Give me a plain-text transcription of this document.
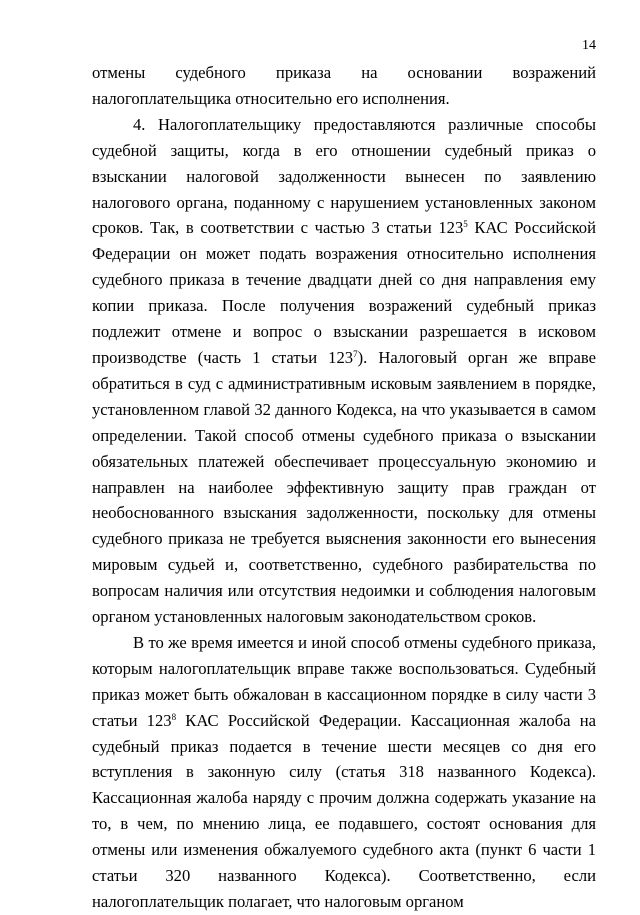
14

отмены судебного приказа на основании возражений налогоплательщика относительно его исполнения.

4. Налогоплательщику предоставляются различные способы судебной защиты, когда в его отношении судебный приказ о взыскании налоговой задолженности вынесен по заявлению налогового органа, поданному с нарушением установленных законом сроков. Так, в соответствии с частью 3 статьи $123^5$ КАС Российской Федерации он может подать возражения относительно исполнения судебного приказа в течение двадцати дней со дня направления ему копии приказа. После получения возражений судебный приказ подлежит отмене и вопрос о взыскании разрешается в исковом производстве (часть 1 статьи $123^7$). Налоговый орган же вправе обратиться в суд с административным исковым заявлением в порядке, установленном главой 32 данного Кодекса, на что указывается в самом определении. Такой способ отмены судебного приказа о взыскании обязательных платежей обеспечивает процессуальную экономию и направлен на наиболее эффективную защиту прав граждан от необоснованного взыскания задолженности, поскольку для отмены судебного приказа не требуется выяснения законности его вынесения мировым судьей и, соответственно, судебного разбирательства по вопросам наличия или отсутствия недоимки и соблюдения налоговым органом установленных налоговым законодательством сроков.

В то же время имеется и иной способ отмены судебного приказа, которым налогоплательщик вправе также воспользоваться. Судебный приказ может быть обжалован в кассационном порядке в силу части 3 статьи $123^8$ КАС Российской Федерации. Кассационная жалоба на судебный приказ подается в течение шести месяцев со дня его вступления в законную силу (статья 318 названного Кодекса). Кассационная жалоба наряду с прочим должна содержать указание на то, в чем, по мнению лица, ее подавшего, состоят основания для отмены или изменения обжалуемого судебного акта (пункт 6 части 1 статьи 320 названного Кодекса). Соответственно, если налогоплательщик полагает, что налоговым органом
